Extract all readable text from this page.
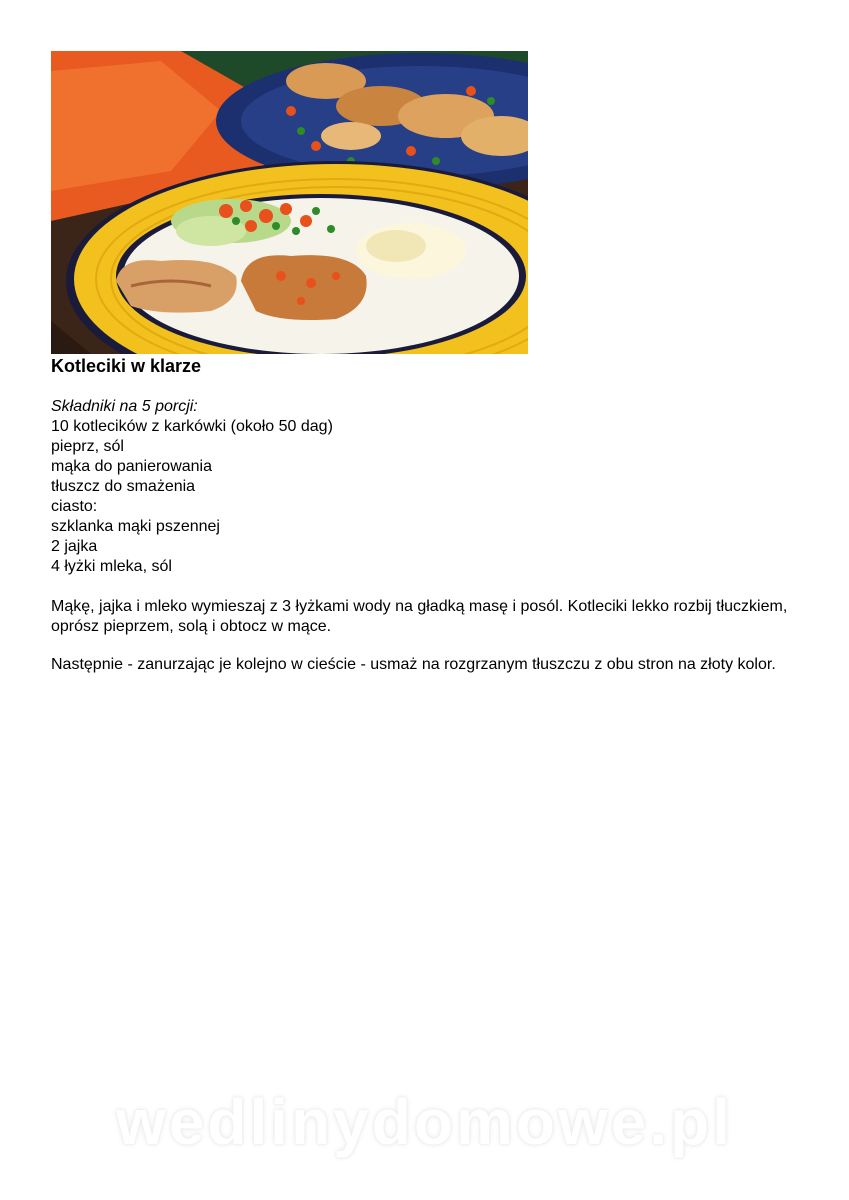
Kotleciki w klarze
Składniki na 5 porcji:
10 kotlecików z karkówki (około 50 dag)
pieprz, sól
mąka do panierowania
tłuszcz do smażenia
ciasto:
szklanka mąki pszennej
2 jajka
4 łyżki mleka, sól
Mąkę, jajka i mleko wymieszaj z 3 łyżkami wody na gładką masę i posól. Kotleciki lekko rozbij tłuczkiem, oprósz pieprzem, solą i obtocz w mące.
Następnie - zanurzając je kolejno w cieście - usmaż na rozgrzanym tłuszczu z obu stron na złoty kolor.
wedlinydomowe.pl
